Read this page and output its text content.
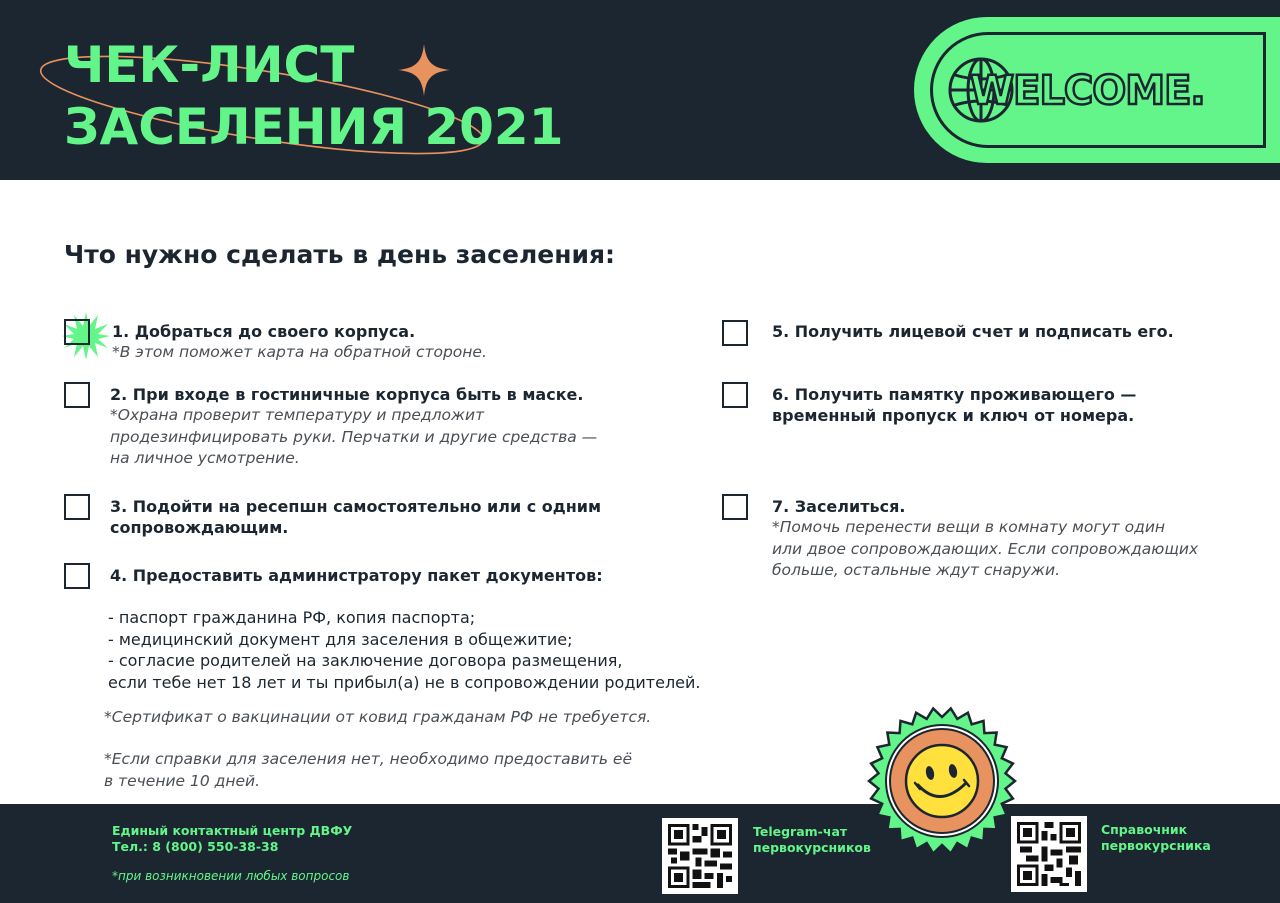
ЧЕК-ЛИСТ
ЗАСЕЛЕНИЯ 2021
WELCOME.
Что нужно сделать в день заселения:
1. Добраться до своего корпуса.
*В этом поможет карта на обратной стороне.
2. При входе в гостиничные корпуса быть в маске.
*Охрана проверит температуру и предложит
продезинфицировать руки. Перчатки и другие средства —
на личное усмотрение.
3. Подойти на ресепшн самостоятельно или с одним
сопровождающим.
4. Предоставить администратору пакет документов:
- паспорт гражданина РФ, копия паспорта;
- медицинский документ для заселения в общежитие;
- согласие родителей на заключение договора размещения,
если тебе нет 18 лет и ты прибыл(а) не в сопровождении родителей.
*Сертификат о вакцинации от ковид гражданам РФ не требуется.
*Если справки для заселения нет, необходимо предоставить её
в течение 10 дней.
5. Получить лицевой счет и подписать его.
6. Получить памятку проживающего —
временный пропуск и ключ от номера.
7. Заселиться.
*Помочь перенести вещи в комнату могут один
или двое сопровождающих. Если сопровождающих
больше, остальные ждут снаружи.
Единый контактный центр ДВФУ
Тел.: 8 (800) 550-38-38
*при возникновении любых вопросов
Telegram-чат
первокурсников
Справочник
первокурсника
